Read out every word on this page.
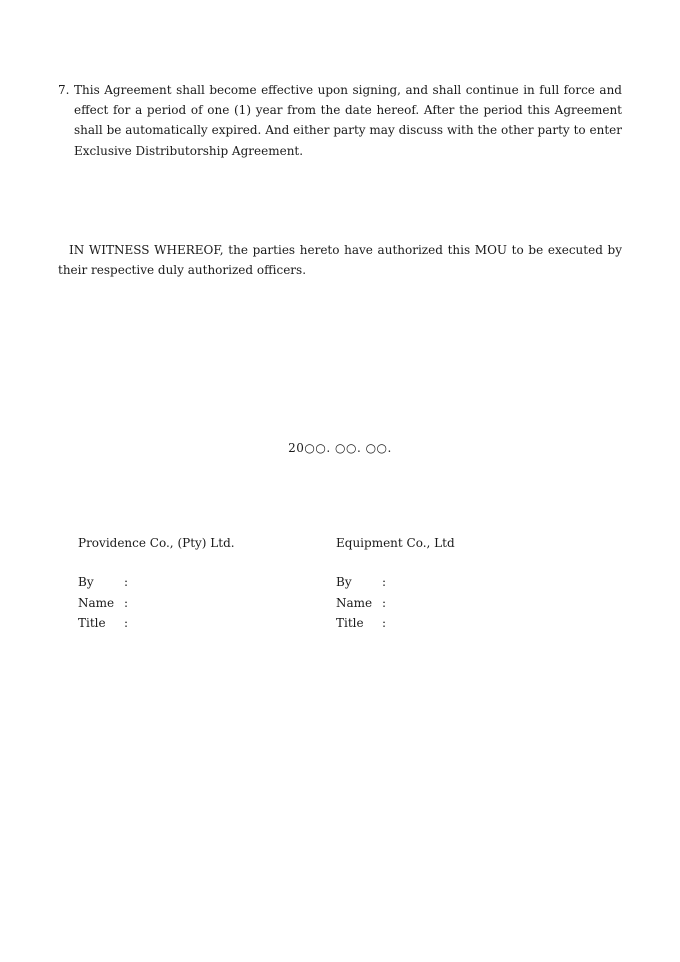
7. This Agreement shall become effective upon signing, and shall continue in full force and effect for a period of one (1) year from the date hereof. After the period this Agreement shall be automatically expired. And either party may discuss with the other party to enter Exclusive Distributorship Agreement.
IN WITNESS WHEREOF, the parties hereto have authorized this MOU to be executed by their respective duly authorized officers.
20○○. ○○. ○○.
Providence Co., (Pty) Ltd.
By	:
Name :
Title :
Equipment Co., Ltd
By	:
Name :
Title :
